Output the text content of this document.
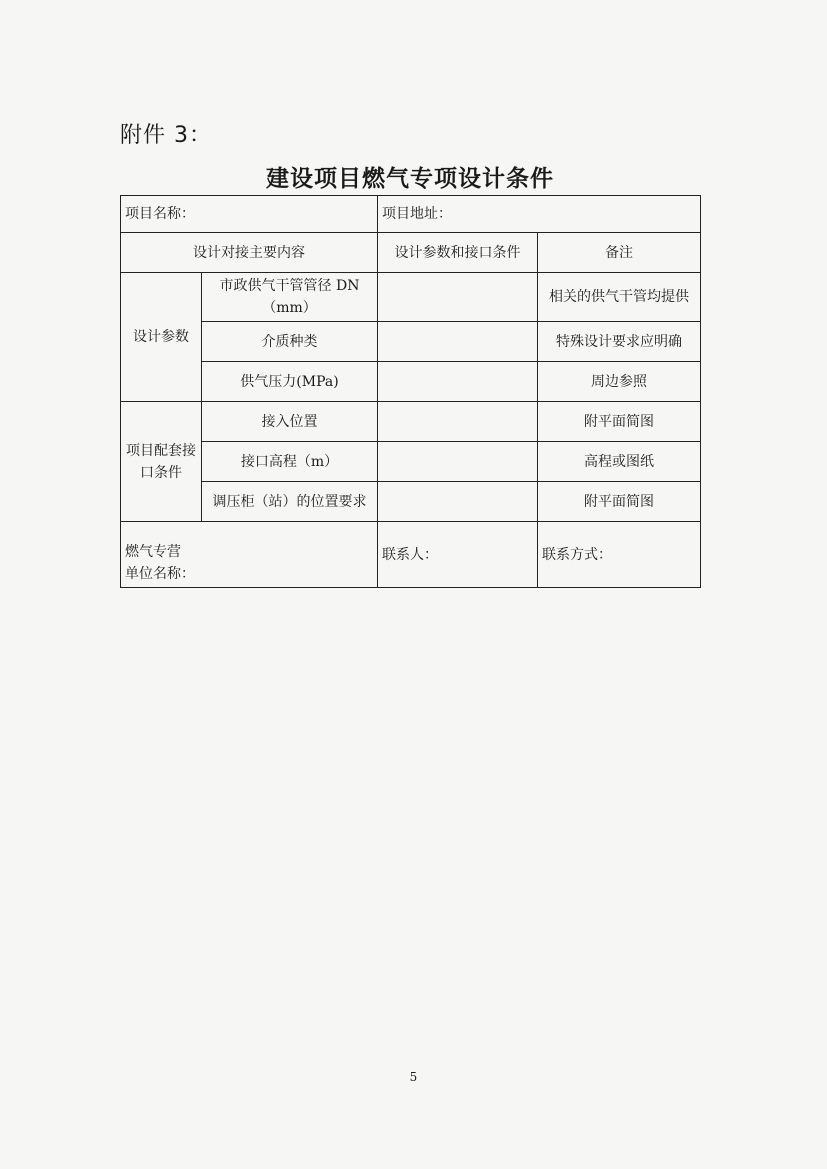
附件 3：
建设项目燃气专项设计条件
项目名称：		项目地址：	
设计对接主要内容		设计参数和接口条件	备注
设计参数	市政供气干管管径 DN（mm）		相关的供气干管均提供
	介质种类		特殊设计要求应明确
	供气压力(MPa)		周边参照
项目配套接口条件	接入位置		附平面简图
	接口高程（m）		高程或图纸
	调压柜（站）的位置要求		附平面简图

燃气专营
单位名称：		联系人：	联系方式：
5
